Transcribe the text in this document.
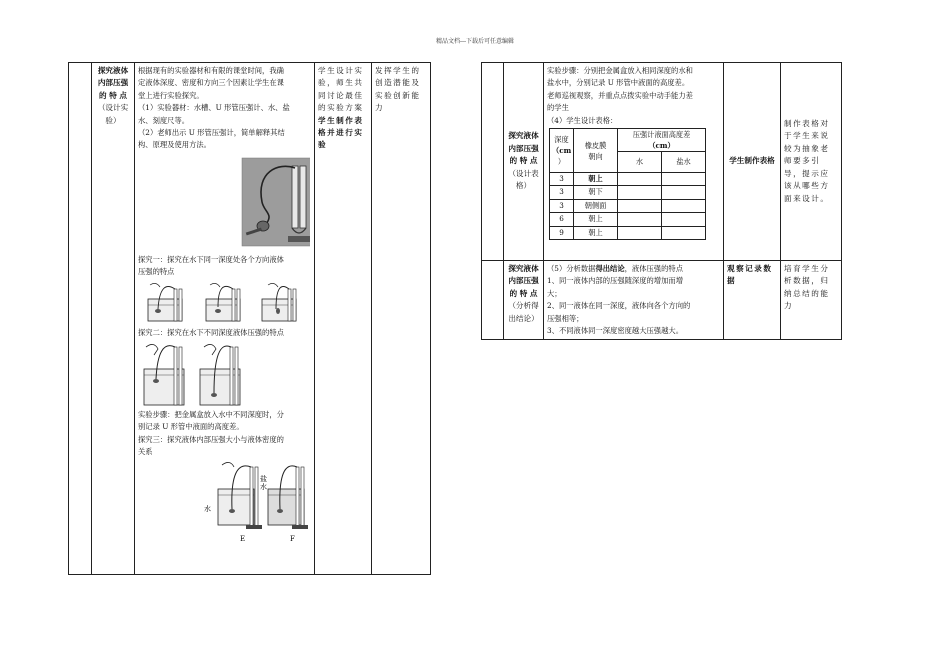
精品文档---下载后可任意编辑

探究液体
内部压强
的 特 点
（设计实
验）

根据现有的实验器材和有限的课堂时间，我确
定液体深度、密度和方向三个因素让学生在课
堂上进行实验探究。
（1）实验器材：水槽、U 形管压强计、水、盐
水、刻度尺等。
（2）老师出示 U 形管压强计，简单解释其结
构、原理及使用方法。
探究一：探究在水下同一深度处各个方向液体
压强的特点
探究二：探究在水下不同深度液体压强的特点
实验步骤：把金属盒放入水中不同深度时，分
别记录 U 形管中液面的高度差。
探究三：探究液体内部压强大小与液体密度的
关系
水
E
盐
水
F

学生设计实
验，师生共
同讨论最佳
的实验方案
学生制作表
格并进行实
验

发挥学生的
创造潜能及
实验创新能
力

探究液体
内部压强
的 特 点
（设计表
格）

实验步骤：分别把金属盒放入相同深度的水和
盐水中，分别记录 U 形管中液面的高度差。
老师巡视观察，并重点点拨实验中动手能力差
的学生
（4）学生设计表格：
深度
（cm
）

橡皮膜
朝向

压强计液面高度差
（cm）

水	盐水
3	朝上		
3	朝下		
3	朝侧面		
6	朝上		
9	朝上		
	学生制作表格	
制作表格对
于学生来说
较为抽象老
师要多引
导，提示应
该从哪些方
面来设计。

探究液体
内部压强
的 特 点
（分析得
出结论）

（5）分析数据得出结论，液体压强的特点
1、同一液体内部的压强随深度的增加而增
大；
2、同一液体在同一深度，液体向各个方向的
压强相等；
3、不同液体同一深度密度越大压强越大。

观察记录数
据

培育学生分
析数据，归
纳总结的能
力
